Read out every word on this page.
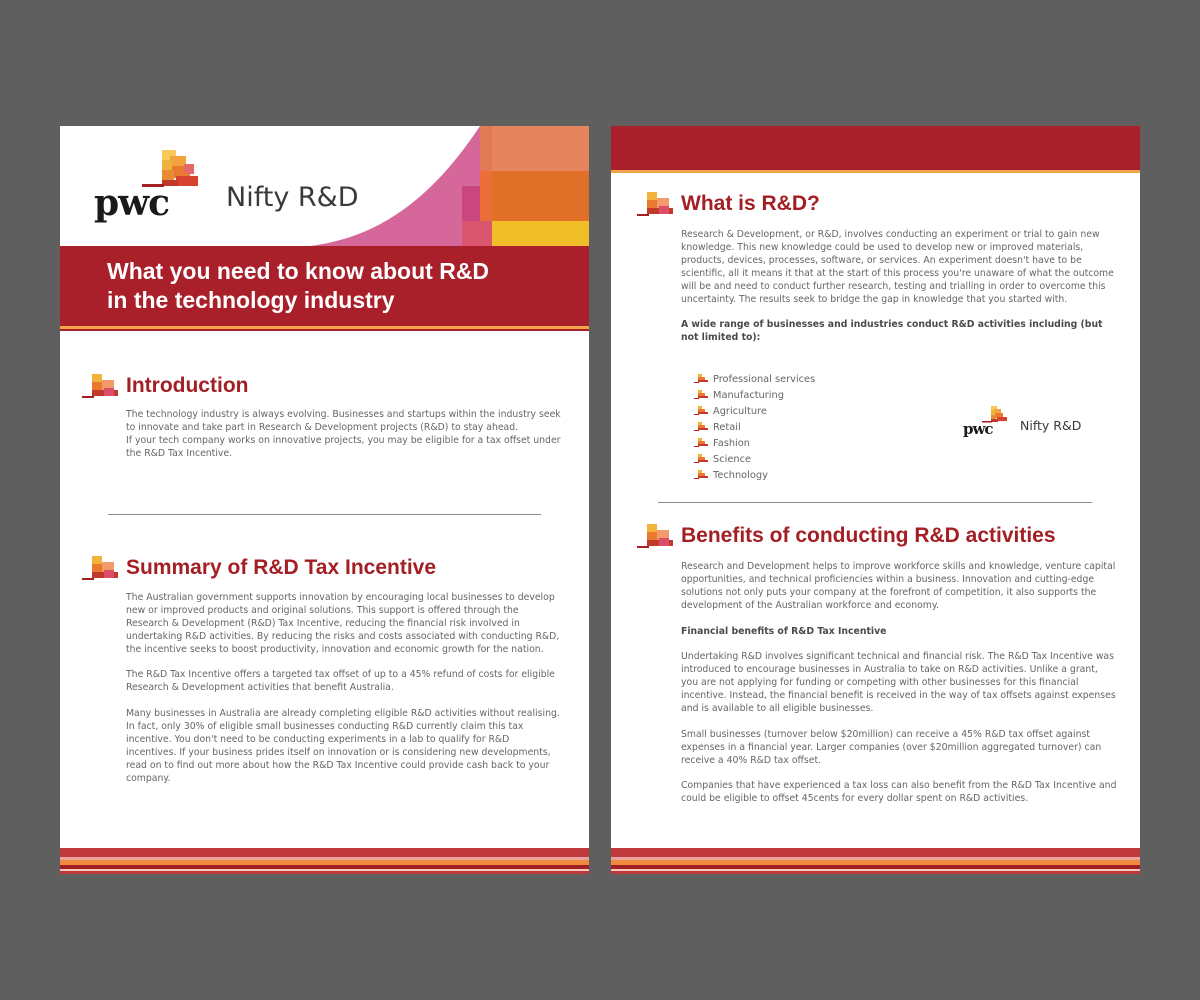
pwc Nifty R&D
What you need to know about R&D
in the technology industry
Introduction

The technology industry is always evolving. Businesses and startups within the industry seek to innovate and take part in Research & Development projects (R&D) to stay ahead.

If your tech company works on innovative projects, you may be eligible for a tax offset under the R&D Tax Incentive.

Summary of R&D Tax Incentive

The Australian government supports innovation by encouraging local businesses to develop new or improved products and original solutions. This support is offered through the Research & Development (R&D) Tax Incentive, reducing the financial risk involved in undertaking R&D activities. By reducing the risks and costs associated with conducting R&D, the incentive seeks to boost productivity, innovation and economic growth for the nation.

The R&D Tax Incentive offers a targeted tax offset of up to a 45% refund of costs for eligible Research & Development activities that benefit Australia.

Many businesses in Australia are already completing eligible R&D activities without realising. In fact, only 30% of eligible small businesses conducting R&D currently claim this tax incentive. You don't need to be conducting experiments in a lab to qualify for R&D incentives. If your business prides itself on innovation or is considering new developments, read on to find out more about how the R&D Tax Incentive could provide cash back to your company.

What is R&D?

Research & Development, or R&D, involves conducting an experiment or trial to gain new knowledge. This new knowledge could be used to develop new or improved materials, products, devices, processes, software, or services. An experiment doesn't have to be scientific, all it means it that at the start of this process you're unaware of what the outcome will be and need to conduct further research, testing and trialling in order to overcome this uncertainty. The results seek to bridge the gap in knowledge that you started with.

A wide range of businesses and industries conduct R&D activities including (but not limited to):

Professional services
Manufacturing
Agriculture
Retail
Fashion
Science
Technology
pwc Nifty R&D
Benefits of conducting R&D activities

Research and Development helps to improve workforce skills and knowledge, venture capital opportunities, and technical proficiencies within a business. Innovation and cutting-edge solutions not only puts your company at the forefront of competition, it also supports the development of the Australian workforce and economy.

Financial benefits of R&D Tax Incentive

Undertaking R&D involves significant technical and financial risk. The R&D Tax Incentive was introduced to encourage businesses in Australia to take on R&D activities. Unlike a grant, you are not applying for funding or competing with other businesses for this financial incentive. Instead, the financial benefit is received in the way of tax offsets against expenses and is available to all eligible businesses.

Small businesses (turnover below $20million) can receive a 45% R&D tax offset against expenses in a financial year. Larger companies (over $20million aggregated turnover) can receive a 40% R&D tax offset.

Companies that have experienced a tax loss can also benefit from the R&D Tax Incentive and could be eligible to offset 45cents for every dollar spent on R&D activities.
